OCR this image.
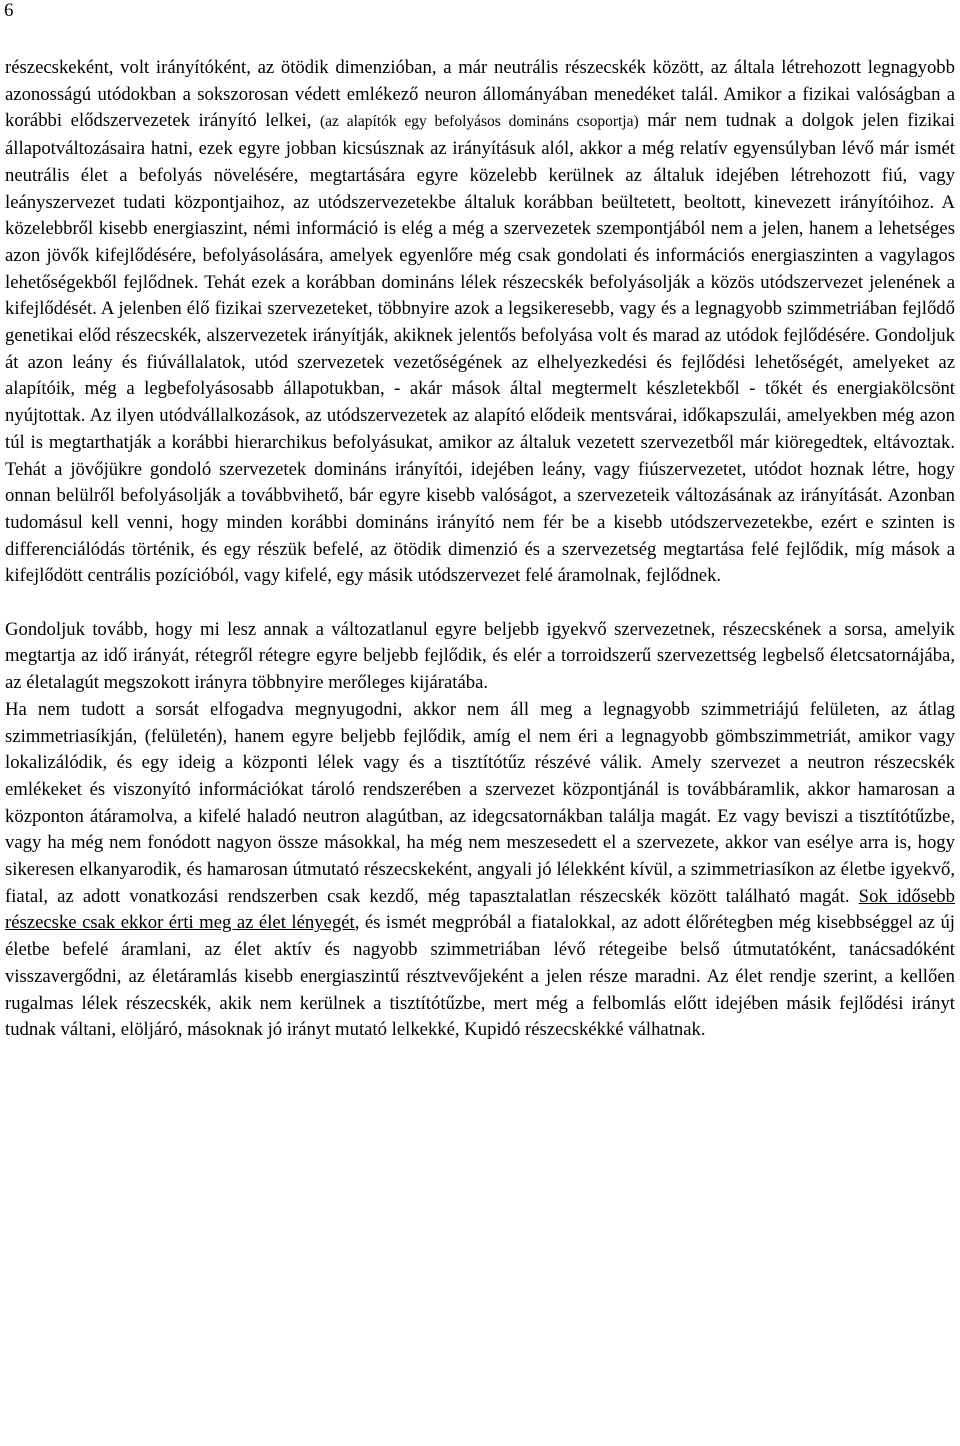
6

részecskeként, volt irányítóként, az ötödik dimenzióban, a már neutrális részecskék között, az általa létrehozott legnagyobb azonosságú utódokban a sokszorosan védett emlékező neuron állományában menedéket talál. Amikor a fizikai valóságban a korábbi elődszervezetek irányító lelkei, (az alapítók egy befolyásos domináns csoportja) már nem tudnak a dolgok jelen fizikai állapotváltozásaira hatni, ezek egyre jobban kicsúsznak az irányításuk alól, akkor a még relatív egyensúlyban lévő már ismét neutrális élet a befolyás növelésére, megtartására egyre közelebb kerülnek az általuk idejében létrehozott fiú, vagy leányszervezet tudati központjaihoz, az utódszervezetekbe általuk korábban beültetett, beoltott, kinevezett irányítóihoz. A közelebbről kisebb energiaszint, némi információ is elég a még a szervezetek szempontjából nem a jelen, hanem a lehetséges azon jövők kifejlődésére, befolyásolására, amelyek egyenlőre még csak gondolati és információs energiaszinten a vagylagos lehetőségekből fejlődnek. Tehát ezek a korábban domináns lélek részecskék befolyásolják a közös utódszervezet jelenének a kifejlődését. A jelenben élő fizikai szervezeteket, többnyire azok a legsikeresebb, vagy és a legnagyobb szimmetriában fejlődő genetikai előd részecskék, alszervezetek irányítják, akiknek jelentős befolyása volt és marad az utódok fejlődésére. Gondoljuk át azon leány és fiúvállalatok, utód szervezetek vezetőségének az elhelyezkedési és fejlődési lehetőségét, amelyeket az alapítóik, még a legbefolyásosabb állapotukban, - akár mások által megtermelt készletekből - tőkét és energiakölcsönt nyújtottak. Az ilyen utódvállalkozások, az utódszervezetek az alapító elődeik mentsvárai, időkapszulái, amelyekben még azon túl is megtarthatják a korábbi hierarchikus befolyásukat, amikor az általuk vezetett szervezetből már kiöregedtek, eltávoztak. Tehát a jövőjükre gondoló szervezetek domináns irányítói, idejében leány, vagy fiúszervezetet, utódot hoznak létre, hogy onnan belülről befolyásolják a továbbvihető, bár egyre kisebb valóságot, a szervezeteik változásának az irányítását. Azonban tudomásul kell venni, hogy minden korábbi domináns irányító nem fér be a kisebb utódszervezetekbe, ezért e szinten is differenciálódás történik, és egy részük befelé, az ötödik dimenzió és a szervezetség megtartása felé fejlődik, míg mások a kifejlődött centrális pozícióból, vagy kifelé, egy másik utódszervezet felé áramolnak, fejlődnek.

Gondoljuk tovább, hogy mi lesz annak a változatlanul egyre beljebb igyekvő szervezetnek, részecskének a sorsa, amelyik megtartja az idő irányát, rétegről rétegre egyre beljebb fejlődik, és elér a torroidszerű szervezettség legbelső életcsatornájába, az életalagút megszokott irányra többnyire merőleges kijáratába.

Ha nem tudott a sorsát elfogadva megnyugodni, akkor nem áll meg a legnagyobb szimmetriájú felületen, az átlag szimmetriasíkján, (felületén), hanem egyre beljebb fejlődik, amíg el nem éri a legnagyobb gömbszimmetriát, amikor vagy lokalizálódik, és egy ideig a központi lélek vagy és a tisztítótűz részévé válik. Amely szervezet a neutron részecskék emlékeket és viszonyító információkat tároló rendszerében a szervezet központjánál is továbbáramlik, akkor hamarosan a központon átáramolva, a kifelé haladó neutron alagútban, az idegcsatornákban találja magát. Ez vagy beviszi a tisztítótűzbe, vagy ha még nem fonódott nagyon össze másokkal, ha még nem meszesedett el a szervezete, akkor van esélye arra is, hogy sikeresen elkanyarodik, és hamarosan útmutató részecskeként, angyali jó lélekként kívül, a szimmetriasíkon az életbe igyekvő, fiatal, az adott vonatkozási rendszerben csak kezdő, még tapasztalatlan részecskék között található magát. Sok idősebb részecske csak ekkor érti meg az élet lényegét, és ismét megpróbál a fiatalokkal, az adott élőrétegben még kisebbséggel az új életbe befelé áramlani, az élet aktív és nagyobb szimmetriában lévő rétegeibe belső útmutatóként, tanácsadóként visszavergődni, az életáramlás kisebb energiaszintű résztvevőjeként a jelen része maradni. Az élet rendje szerint, a kellően rugalmas lélek részecskék, akik nem kerülnek a tisztítótűzbe, mert még a felbomlás előtt idejében másik fejlődési irányt tudnak váltani, elöljáró, másoknak jó irányt mutató lelkekké, Kupidó részecskékké válhatnak.
